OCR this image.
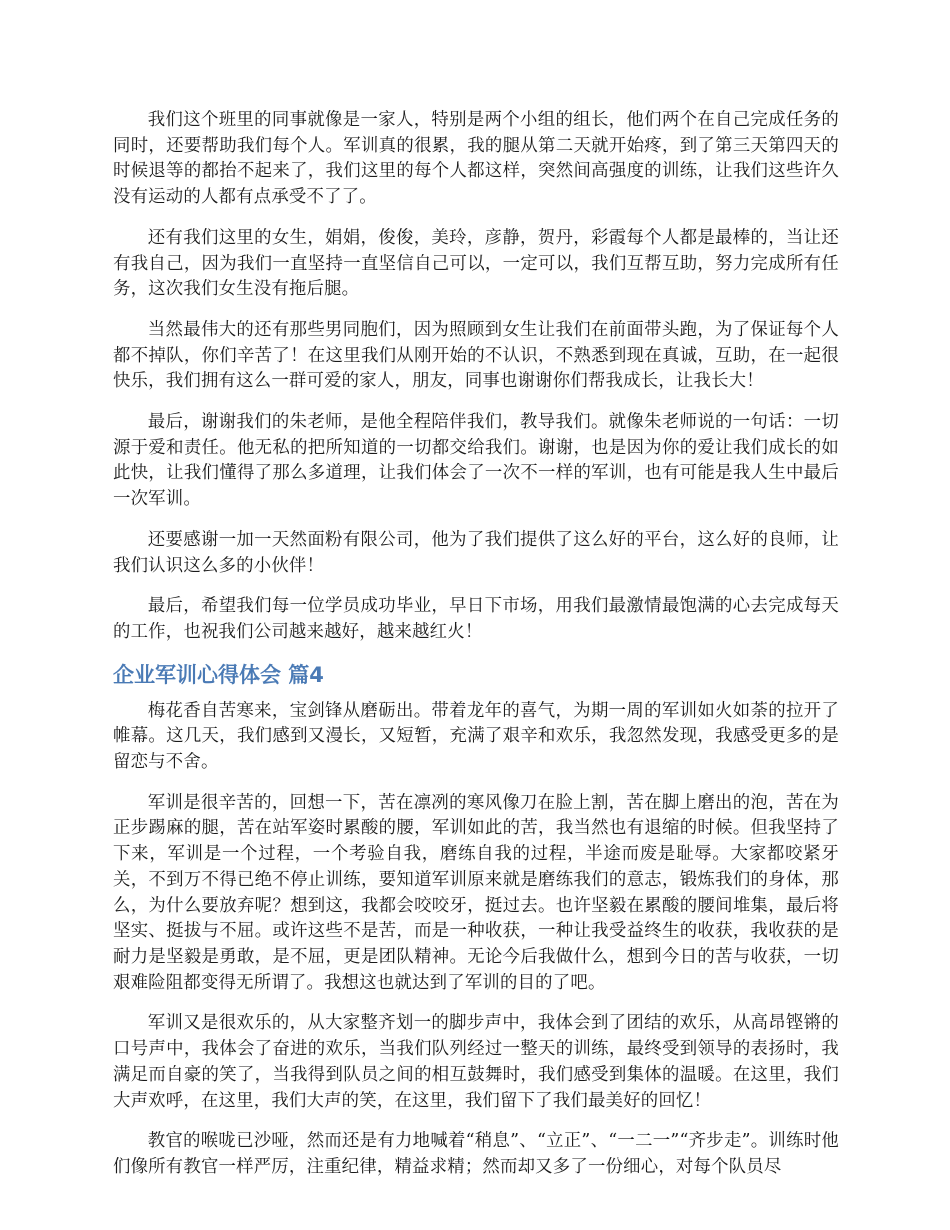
我们这个班里的同事就像是一家人，特别是两个小组的组长，他们两个在自己完成任务的同时，还要帮助我们每个人。军训真的很累，我的腿从第二天就开始疼，到了第三天第四天的时候退等的都抬不起来了，我们这里的每个人都这样，突然间高强度的训练，让我们这些许久没有运动的人都有点承受不了了。

还有我们这里的女生，娟娟，俊俊，美玲，彦静，贺丹，彩霞每个人都是最棒的，当让还有我自己，因为我们一直坚持一直坚信自己可以，一定可以，我们互帮互助，努力完成所有任务，这次我们女生没有拖后腿。

当然最伟大的还有那些男同胞们，因为照顾到女生让我们在前面带头跑，为了保证每个人都不掉队，你们辛苦了！在这里我们从刚开始的不认识，不熟悉到现在真诚，互助，在一起很快乐，我们拥有这么一群可爱的家人，朋友，同事也谢谢你们帮我成长，让我长大！

最后，谢谢我们的朱老师，是他全程陪伴我们，教导我们。就像朱老师说的一句话：一切源于爱和责任。他无私的把所知道的一切都交给我们。谢谢，也是因为你的爱让我们成长的如此快，让我们懂得了那么多道理，让我们体会了一次不一样的军训，也有可能是我人生中最后一次军训。

还要感谢一加一天然面粉有限公司，他为了我们提供了这么好的平台，这么好的良师，让我们认识这么多的小伙伴！

最后，希望我们每一位学员成功毕业，早日下市场，用我们最激情最饱满的心去完成每天的工作，也祝我们公司越来越好，越来越红火！

企业军训心得体会 篇4

梅花香自苦寒来，宝剑锋从磨砺出。带着龙年的喜气，为期一周的军训如火如荼的拉开了帷幕。这几天，我们感到又漫长，又短暂，充满了艰辛和欢乐，我忽然发现，我感受更多的是留恋与不舍。

军训是很辛苦的，回想一下，苦在凛冽的寒风像刀在脸上割，苦在脚上磨出的泡，苦在为正步踢麻的腿，苦在站军姿时累酸的腰，军训如此的苦，我当然也有退缩的时候。但我坚持了下来，军训是一个过程，一个考验自我，磨练自我的过程，半途而废是耻辱。大家都咬紧牙关，不到万不得已绝不停止训练，要知道军训原来就是磨练我们的意志，锻炼我们的身体，那么，为什么要放弃呢？想到这，我都会咬咬牙，挺过去。也许坚毅在累酸的腰间堆集，最后将坚实、挺拔与不屈。或许这些不是苦，而是一种收获，一种让我受益终生的收获，我收获的是耐力是坚毅是勇敢，是不屈，更是团队精神。无论今后我做什么，想到今日的苦与收获，一切艰难险阻都变得无所谓了。我想这也就达到了军训的目的了吧。

军训又是很欢乐的，从大家整齐划一的脚步声中，我体会到了团结的欢乐，从高昂铿锵的口号声中，我体会了奋进的欢乐，当我们队列经过一整天的训练，最终受到领导的表扬时，我满足而自豪的笑了，当我得到队员之间的相互鼓舞时，我们感受到集体的温暖。在这里，我们大声欢呼，在这里，我们大声的笑，在这里，我们留下了我们最美好的回忆！

教官的喉咙已沙哑，然而还是有力地喊着“稍息”、“立正”、“一二一”“齐步走”。训练时他们像所有教官一样严厉，注重纪律，精益求精；然而却又多了一份细心，对每个队员尽
